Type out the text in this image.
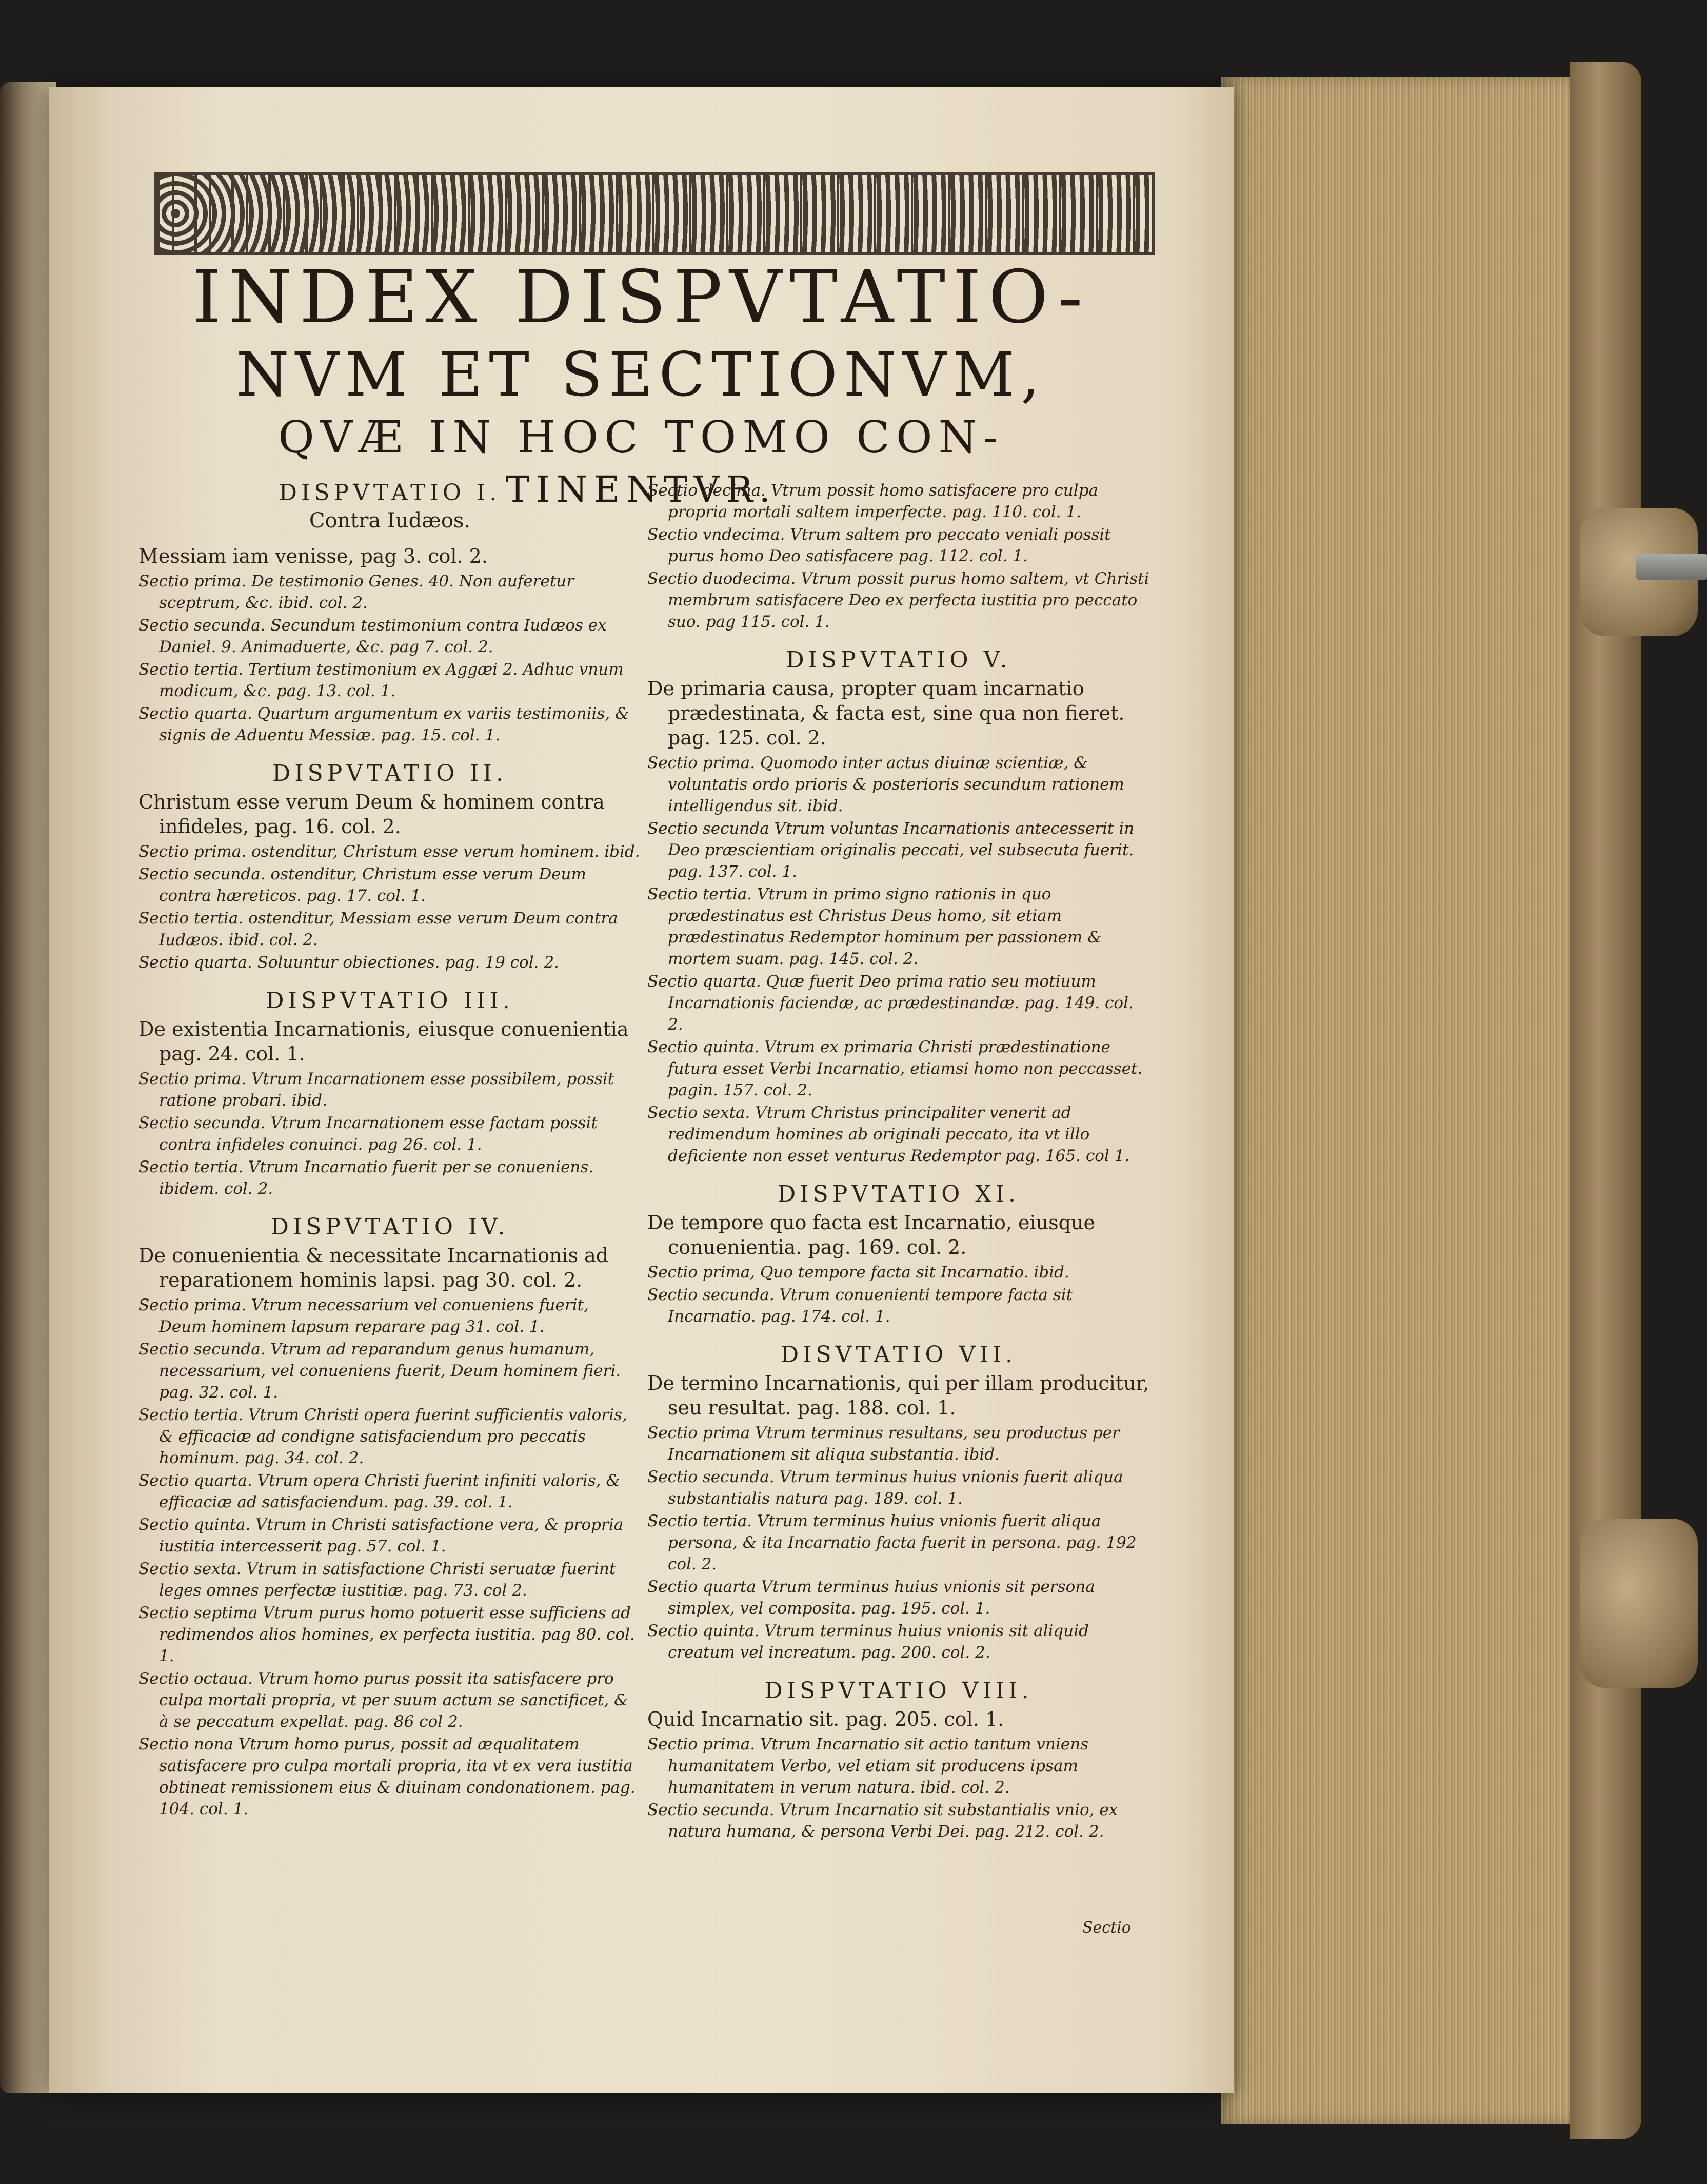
INDEX DISPVTATIO-
NVM ET SECTIONVM,
QVÆ IN HOC TOMO CON-
TINENTVR.
DISPVTATIO I.
Contra Iudæos.
Messiam iam venisse, pag 3. col. 2.
Sectio prima. De testimonio Genes. 40. Non auferetur sceptrum, &c. ibid. col. 2.
Sectio secunda. Secundum testimonium contra Iudæos ex Daniel. 9. Animaduerte, &c. pag 7. col. 2.
Sectio tertia. Tertium testimonium ex Aggæi 2. Adhuc vnum modicum, &c. pag. 13. col. 1.
Sectio quarta. Quartum argumentum ex variis testimoniis, & signis de Aduentu Messiæ. pag. 15. col. 1.
DISPVTATIO II.
Christum esse verum Deum & hominem contra infideles, pag. 16. col. 2.
Sectio prima. ostenditur, Christum esse verum hominem. ibid.
Sectio secunda. ostenditur, Christum esse verum Deum contra hæreticos. pag. 17. col. 1.
Sectio tertia. ostenditur, Messiam esse verum Deum contra Iudæos. ibid. col. 2.
Sectio quarta. Soluuntur obiectiones. pag. 19 col. 2.
DISPVTATIO III.
De existentia Incarnationis, eiusque conuenientia pag. 24. col. 1.
Sectio prima. Vtrum Incarnationem esse possibilem, possit ratione probari. ibid.
Sectio secunda. Vtrum Incarnationem esse factam possit contra infideles conuinci. pag 26. col. 1.
Sectio tertia. Vtrum Incarnatio fuerit per se conueniens. ibidem. col. 2.
DISPVTATIO IV.
De conuenientia & necessitate Incarnationis ad reparationem hominis lapsi. pag 30. col. 2.
Sectio prima. Vtrum necessarium vel conueniens fuerit, Deum hominem lapsum reparare pag 31. col. 1.
Sectio secunda. Vtrum ad reparandum genus humanum, necessarium, vel conueniens fuerit, Deum hominem fieri. pag. 32. col. 1.
Sectio tertia. Vtrum Christi opera fuerint sufficientis valoris, & efficaciæ ad condigne satisfaciendum pro peccatis hominum. pag. 34. col. 2.
Sectio quarta. Vtrum opera Christi fuerint infiniti valoris, & efficaciæ ad satisfaciendum. pag. 39. col. 1.
Sectio quinta. Vtrum in Christi satisfactione vera, & propria iustitia intercesserit pag. 57. col. 1.
Sectio sexta. Vtrum in satisfactione Christi seruatæ fuerint leges omnes perfectæ iustitiæ. pag. 73. col 2.
Sectio septima Vtrum purus homo potuerit esse sufficiens ad redimendos alios homines, ex perfecta iustitia. pag 80. col. 1.
Sectio octaua. Vtrum homo purus possit ita satisfacere pro culpa mortali propria, vt per suum actum se sanctificet, & à se peccatum expellat. pag. 86 col 2.
Sectio nona Vtrum homo purus, possit ad æqualitatem satisfacere pro culpa mortali propria, ita vt ex vera iustitia obtineat remissionem eius & diuinam condonationem. pag. 104. col. 1.
Sectio decima. Vtrum possit homo satisfacere pro culpa propria mortali saltem imperfecte. pag. 110. col. 1.
Sectio vndecima. Vtrum saltem pro peccato veniali possit purus homo Deo satisfacere pag. 112. col. 1.
Sectio duodecima. Vtrum possit purus homo saltem, vt Christi membrum satisfacere Deo ex perfecta iustitia pro peccato suo. pag 115. col. 1.
DISPVTATIO V.
De primaria causa, propter quam incarnatio prædestinata, & facta est, sine qua non fieret. pag. 125. col. 2.
Sectio prima. Quomodo inter actus diuinæ scientiæ, & voluntatis ordo prioris & posterioris secundum rationem intelligendus sit. ibid.
Sectio secunda Vtrum voluntas Incarnationis antecesserit in Deo præscientiam originalis peccati, vel subsecuta fuerit. pag. 137. col. 1.
Sectio tertia. Vtrum in primo signo rationis in quo prædestinatus est Christus Deus homo, sit etiam prædestinatus Redemptor hominum per passionem & mortem suam. pag. 145. col. 2.
Sectio quarta. Quæ fuerit Deo prima ratio seu motiuum Incarnationis faciendæ, ac prædestinandæ. pag. 149. col. 2.
Sectio quinta. Vtrum ex primaria Christi prædestinatione futura esset Verbi Incarnatio, etiamsi homo non peccasset. pagin. 157. col. 2.
Sectio sexta. Vtrum Christus principaliter venerit ad redimendum homines ab originali peccato, ita vt illo deficiente non esset venturus Redemptor pag. 165. col 1.
DISPVTATIO XI.
De tempore quo facta est Incarnatio, eiusque conuenientia. pag. 169. col. 2.
Sectio prima, Quo tempore facta sit Incarnatio. ibid.
Sectio secunda. Vtrum conuenienti tempore facta sit Incarnatio. pag. 174. col. 1.
DISVTATIO VII.
De termino Incarnationis, qui per illam producitur, seu resultat. pag. 188. col. 1.
Sectio prima Vtrum terminus resultans, seu productus per Incarnationem sit aliqua substantia. ibid.
Sectio secunda. Vtrum terminus huius vnionis fuerit aliqua substantialis natura pag. 189. col. 1.
Sectio tertia. Vtrum terminus huius vnionis fuerit aliqua persona, & ita Incarnatio facta fuerit in persona. pag. 192 col. 2.
Sectio quarta Vtrum terminus huius vnionis sit persona simplex, vel composita. pag. 195. col. 1.
Sectio quinta. Vtrum terminus huius vnionis sit aliquid creatum vel increatum. pag. 200. col. 2.
DISPVTATIO VIII.
Quid Incarnatio sit. pag. 205. col. 1.
Sectio prima. Vtrum Incarnatio sit actio tantum vniens humanitatem Verbo, vel etiam sit producens ipsam humanitatem in verum natura. ibid. col. 2.
Sectio secunda. Vtrum Incarnatio sit substantialis vnio, ex natura humana, & persona Verbi Dei. pag. 212. col. 2.
Sectio
